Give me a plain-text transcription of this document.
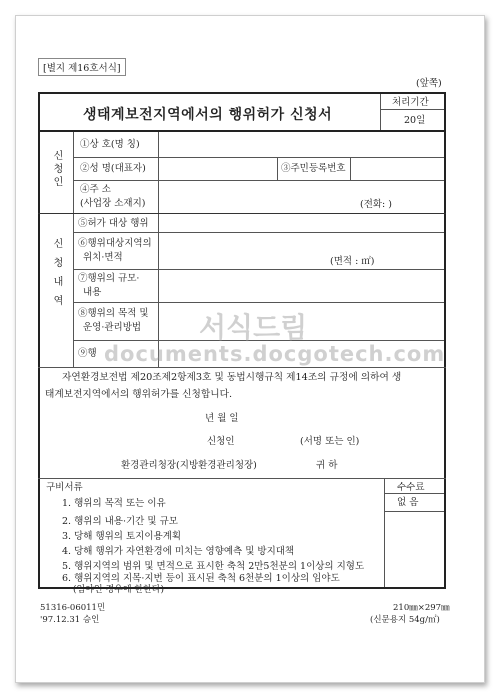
[별지 제16호서식]
(앞쪽)
생태계보전지역에서의 행위허가 신청서
처리기간
20일
신청인
①상 호(명 칭)
②성 명(대표자)	③주민등록번호
④주 소
(사업장 소재지)	(전화: )
신청내역
⑤허가 대상 행위
⑥행위대상지역의
위치·면적	(면적 : ㎡)
⑦행위의 규모·
내용
⑧행위의 목적 및
운영·관리방법
⑨행
서식드림
documents.docgotech.com
자연환경보전법 제20조제2항제3호 및 동법시행규칙 제14조의 규정에 의하여 생
태계보전지역에서의 행위허가를 신청합니다.
년 월 일
신청인	(서명 또는 인)
환경관리청장(지방환경관리청장)	귀 하
수수료
없 음
구비서류
1. 행위의 목적 또는 이유
2. 행위의 내용·기간 및 규모
3. 당해 행위의 토지이용계획
4. 당해 행위가 자연환경에 미치는 영향예측 및 방지대책
5. 행위지역의 범위 및 면적으로 표시한 축척 2만5천분의 1이상의 지형도
6. 행위지역의 지목·지번 등이 표시된 축척 6천분의 1이상의 임야도
(임야인 경우에 한한다)
51316-06011민
'97.12.31 승인
210㎜×297㎜
(신문용지 54g/㎡)
